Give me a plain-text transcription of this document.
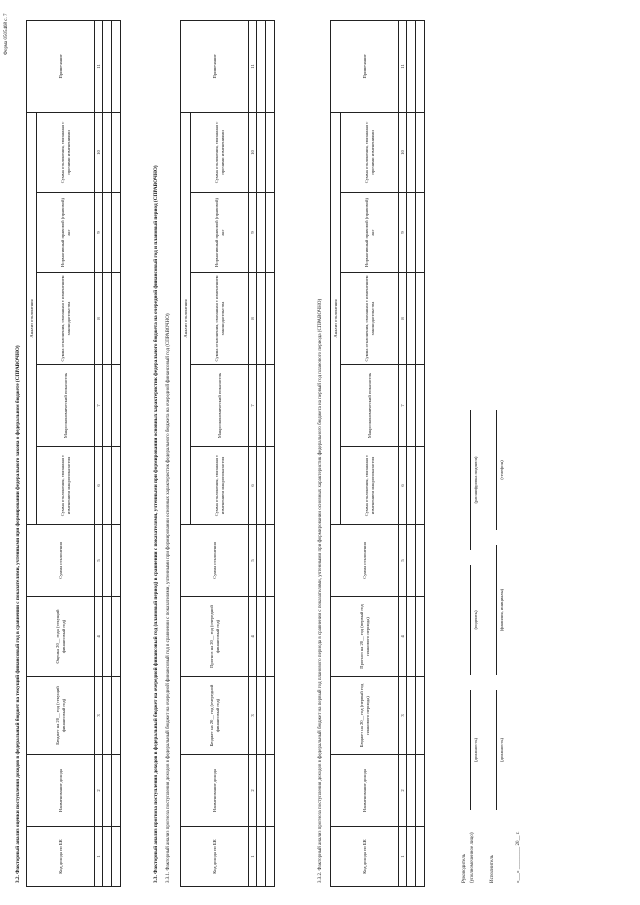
Форма 0505468 с. 7
3.2. Факторный анализ оценки поступления доходов в федеральный бюджет на текущий финансовый год в сравнении с показателями, учтенными при формировании федерального закона о федеральном бюджете (СПРАВОЧНО)	Код дохода по БК	Наименование дохода	Бюджет на 20__ год (текущий финансовый год)	Оценка 20__ года (текущий финансовый год)	Сумма отклонения	Анализ отклонения					Примечание
					Сумма отклонения, связанная с изменением макропоказателя	Макроэкономический показатель	Сумма отклонения, связанная с изменением законодательства	Нормативный правовой (правовой) акт	Сумма отклонения, связанная с прочими изменениями	
1	2	3	4	5	6	7	8	9	10	11

3.3. Факторный анализ прогноза поступления доходов в федеральный бюджет на очередной финансовый год (плановый период) в сравнении с показателями, учтенными при формировании основных характеристик федерального бюджета на очередной финансовый год и плановый период (СПРАВОЧНО) 3.3.1. Факторный анализ прогноза поступления доходов в федеральный бюджет на очередной финансовый год в сравнении с показателями, учтенными при формировании основных характеристик федерального бюджета на очередной финансовый год (СПРАВОЧНО)	Код дохода по БК	Наименование дохода	Бюджет на 20__ год (очередной финансовый год)	Прогноз на 20__ год (очередной финансовый год)	Сумма отклонения	Анализ отклонения					Примечание
					Сумма отклонения, связанная с изменением макропоказателя	Макроэкономический показатель	Сумма отклонения, связанная с изменением законодательства	Нормативный правовой (правовой) акт	Сумма отклонения, связанная с прочими изменениями	
1	2	3	4	5	6	7	8	9	10	11

3.3.2. Факторный анализ прогноза поступления доходов в федеральный бюджет на первый год планового периода в сравнении с показателями, учтенными при формировании основных характеристик федерального бюджета на первый год планового периода (СПРАВОЧНО)	Код дохода по БК	Наименование дохода	Бюджет на 20__ год (первый год планового периода)	Прогноз на 20__ год (первый год планового периода)	Сумма отклонения	Анализ отклонения					Примечание
					Сумма отклонения, связанная с изменением макропоказателя	Макроэкономический показатель	Сумма отклонения, связанная с изменением законодательства	Нормативный правовой (правовой) акт	Сумма отклонения, связанная с прочими изменениями	
1	2	3	4	5	6	7	8	9	10	11

Руководитель (уполномоченное лицо)
(должность)
(подпись)
(расшифровка подписи)
Исполнитель
(должность)
(фамилия, инициалы)
(телефон)
«___» _________ 20__ г.
